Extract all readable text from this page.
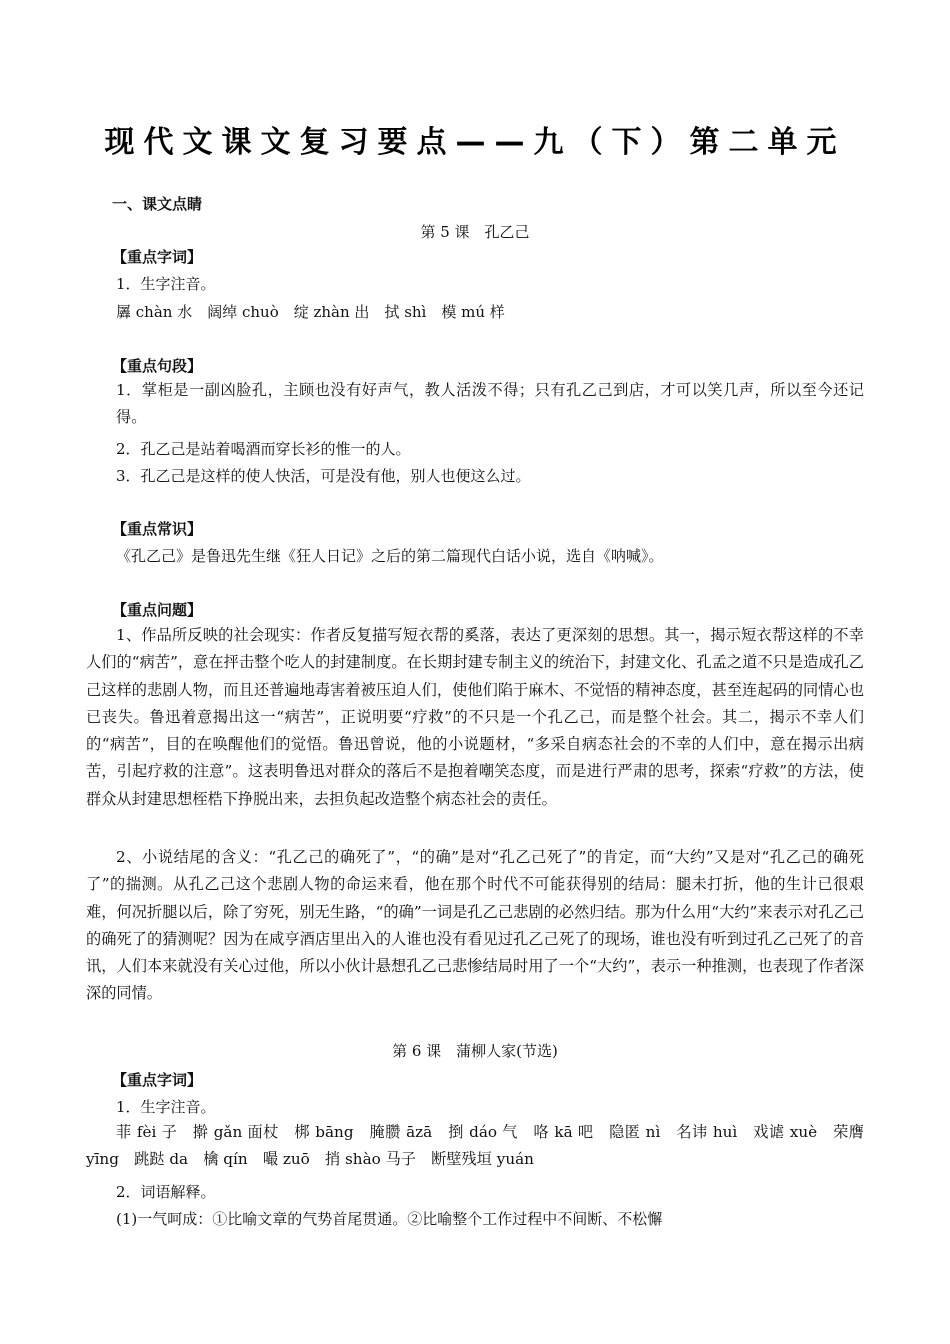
现代文课文复习要点——九（下）第二单元
一、课文点睛
第 5 课　孔乙己
【重点字词】
1．生字注音。
羼 chàn 水　阔绰 chuò　绽 zhàn 出　拭 shì　模 mú 样
【重点句段】
1．掌柜是一副凶脸孔，主顾也没有好声气，教人活泼不得；只有孔乙己到店，才可以笑几声，所以至今还记得。
2．孔乙己是站着喝酒而穿长衫的惟一的人。
3．孔乙己是这样的使人快活，可是没有他，别人也便这么过。
【重点常识】
《孔乙己》是鲁迅先生继《狂人日记》之后的第二篇现代白话小说，选自《呐喊》。
【重点问题】
1、作品所反映的社会现实：作者反复描写短衣帮的奚落，表达了更深刻的思想。其一，揭示短衣帮这样的不幸人们的“病苦”，意在抨击整个吃人的封建制度。在长期封建专制主义的统治下，封建文化、孔孟之道不只是造成孔乙己这样的悲剧人物，而且还普遍地毒害着被压迫人们，使他们陷于麻木、不觉悟的精神态度，甚至连起码的同情心也已丧失。鲁迅着意揭出这一“病苦”，正说明要“疗救”的不只是一个孔乙己，而是整个社会。其二，揭示不幸人们的“病苦”，目的在唤醒他们的觉悟。鲁迅曾说，他的小说题材，“多采自病态社会的不幸的人们中，意在揭示出病苦，引起疗救的注意”。这表明鲁迅对群众的落后不是抱着嘲笑态度，而是进行严肃的思考，探索“疗救”的方法，使群众从封建思想桎梏下挣脱出来，去担负起改造整个病态社会的责任。
2、小说结尾的含义：“孔乙己的确死了”，“的确”是对“孔乙己死了”的肯定，而“大约”又是对“孔乙己的确死了”的揣测。从孔乙己这个悲剧人物的命运来看，他在那个时代不可能获得别的结局：腿未打折，他的生计已很艰难，何况折腿以后，除了穷死，别无生路，“的确”一词是孔乙己悲剧的必然归结。那为什么用“大约”来表示对孔乙己的确死了的猜测呢？因为在咸亨酒店里出入的人谁也没有看见过孔乙己死了的现场，谁也没有听到过孔乙己死了的音讯，人们本来就没有关心过他，所以小伙计悬想孔乙己悲惨结局时用了一个“大约”，表示一种推测，也表现了作者深深的同情。
第 6 课　蒲柳人家(节选)
【重点字词】
1．生字注音。
菲 fèi 子　擀 gǎn 面杖　梆 bāng　腌臜 āzā　捯 dáo 气　咯 kā 吧　隐匿 nì　名讳 huì　戏谑 xuè　荣膺 yīng　跳跶 da　檎 qín　嘬 zuō　捎 shào 马子　断壁残垣 yuán
2．词语解释。
(1)一气呵成：①比喻文章的气势首尾贯通。②比喻整个工作过程中不间断、不松懈
